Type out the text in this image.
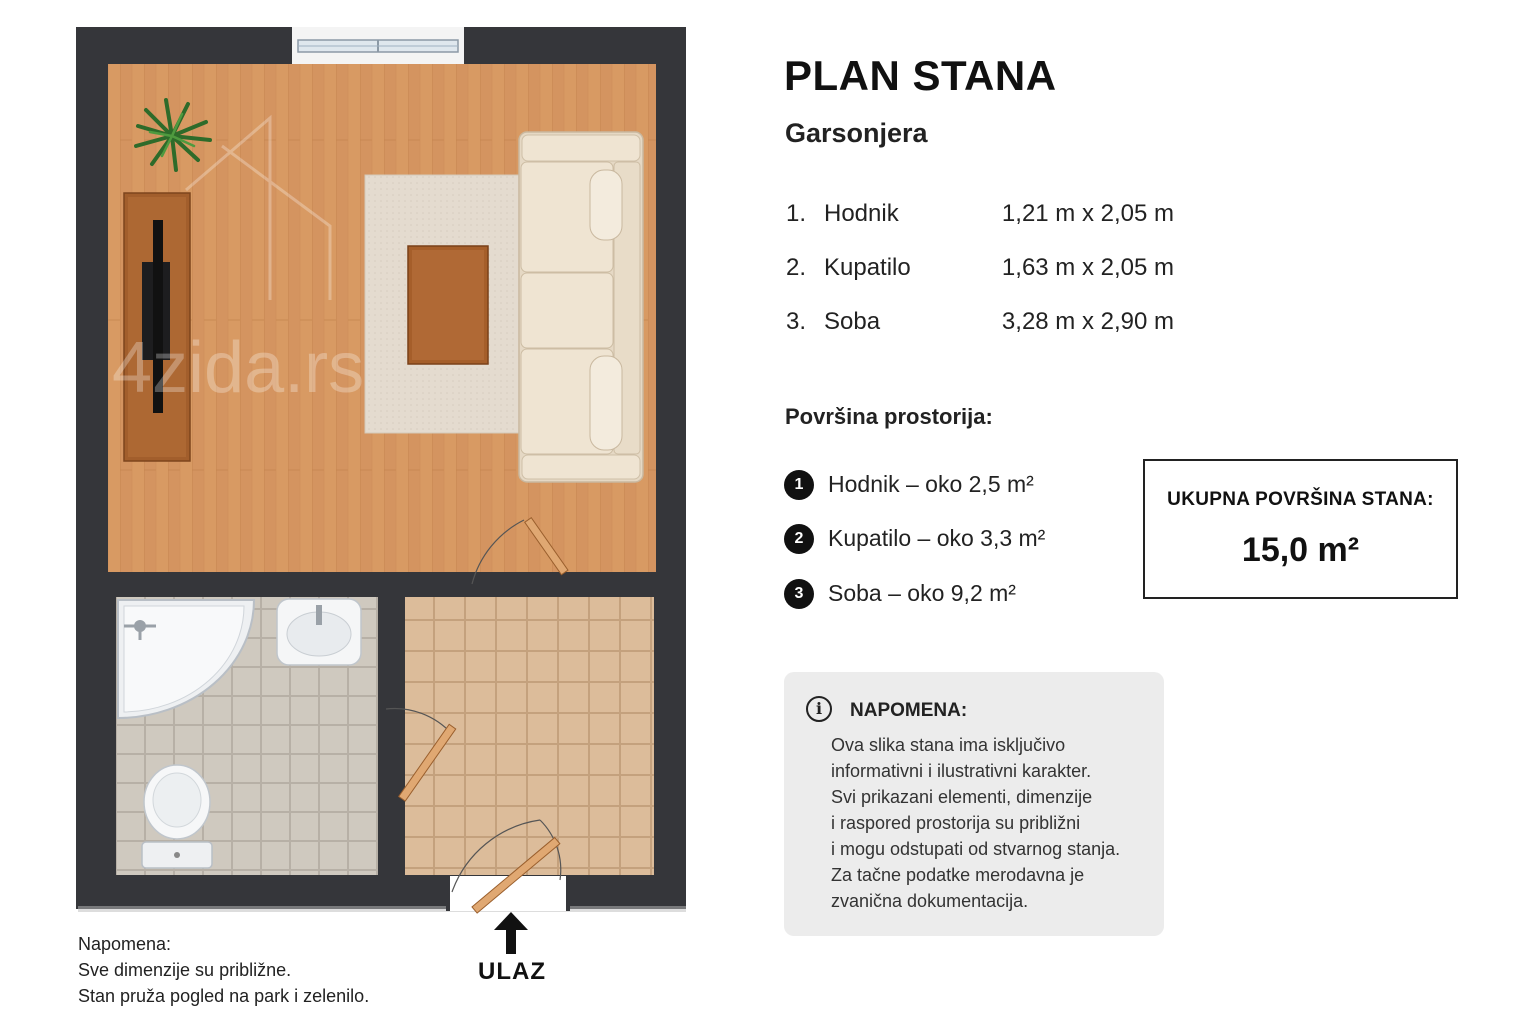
4zida.rs
PLAN STANA
Garsonjera
1. Hodnik	1,21 m x 2,05 m
2. Kupatilo	1,63 m x 2,05 m
3. Soba	3,28 m x 2,90 m
Površina prostorija:
1	Hodnik – oko 2,5 m²
2	Kupatilo – oko 3,3 m²
3	Soba – oko 9,2 m²
UKUPNA POVRŠINA STANA:
15,0 m²
i	NAPOMENA:
Ova slika stana ima isključivo
informativni i ilustrativni karakter.
Svi prikazani elementi, dimenzije
i raspored prostorija su približni
i mogu odstupati od stvarnog stanja.
Za tačne podatke merodavna je
zvanična dokumentacija.
Napomena:
Sve dimenzije su približne.
Stan pruža pogled na park i zelenilo.
ULAZ
